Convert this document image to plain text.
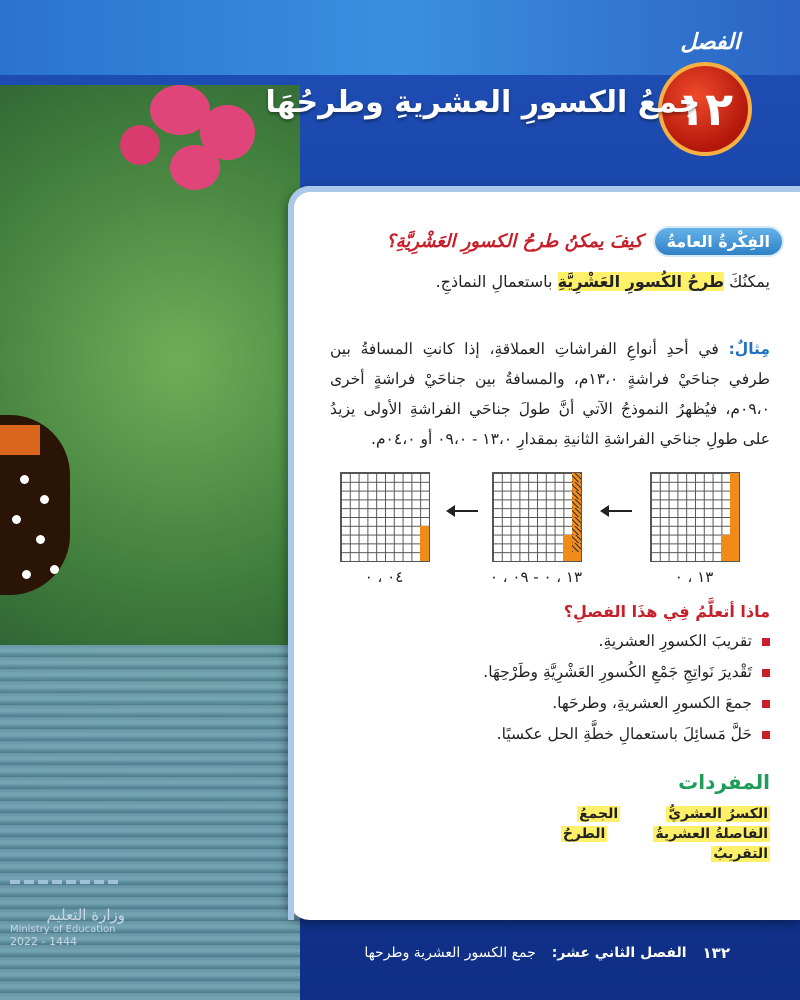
وزارة التعليم
Ministry of Education
2022 - 1444
الفصل
١٢
جمعُ الكسورِ العشريةِ وطرحُهَا
الفِكْرةُ العامةُ
كيفَ يمكنُ طرحُ الكسورِ العَشْرِيَّةِ؟
يمكنُكَ طرحُ الكُسورِ العَشْرِيَّةِ باستعمالِ النماذجِ.
مِثالٌ: في أحدِ أنواعِ الفراشاتِ العملاقةِ، إذا كانتِ المسافةُ بين طرفي جناحَيْ فراشةٍ ١٣،٠م، والمسافةُ بين جناحَيْ فراشةٍ أخرى ٠٩،٠م، فيُظهرُ النموذجُ الآتي أنَّ طولَ جناحَي الفراشةِ الأولى يزيدُ على طولِ جناحَي الفراشةِ الثانيةِ بمقدارِ ١٣،٠ - ٠٩،٠ أو ٠٤،٠م.
٠٤ ، ٠	١٣ ، ٠ - ٠٩ ، ٠	١٣ ، ٠
ماذا أتعلَّمُ فِي هذَا الفصلِ؟
تقريبَ الكسورِ العشريةِ.
تَقْديرَ نَواتِجِ جَمْعِ الكُسورِ العَشْرِيَّةِ وطَرْحِهَا.
جمعَ الكسورِ العشريةِ، وطرحَها.
حَلَّ مَسائِلَ باستعمالِ خطَّةِ الحل عكسيًا.
المفردات
الكسرُ العشريُّ
الجمعُ
الفاصلةُ العشريةُ
الطرحُ
التقريبُ
١٣٢
الفصل الثاني عشر:
جمع الكسور العشرية وطرحها
